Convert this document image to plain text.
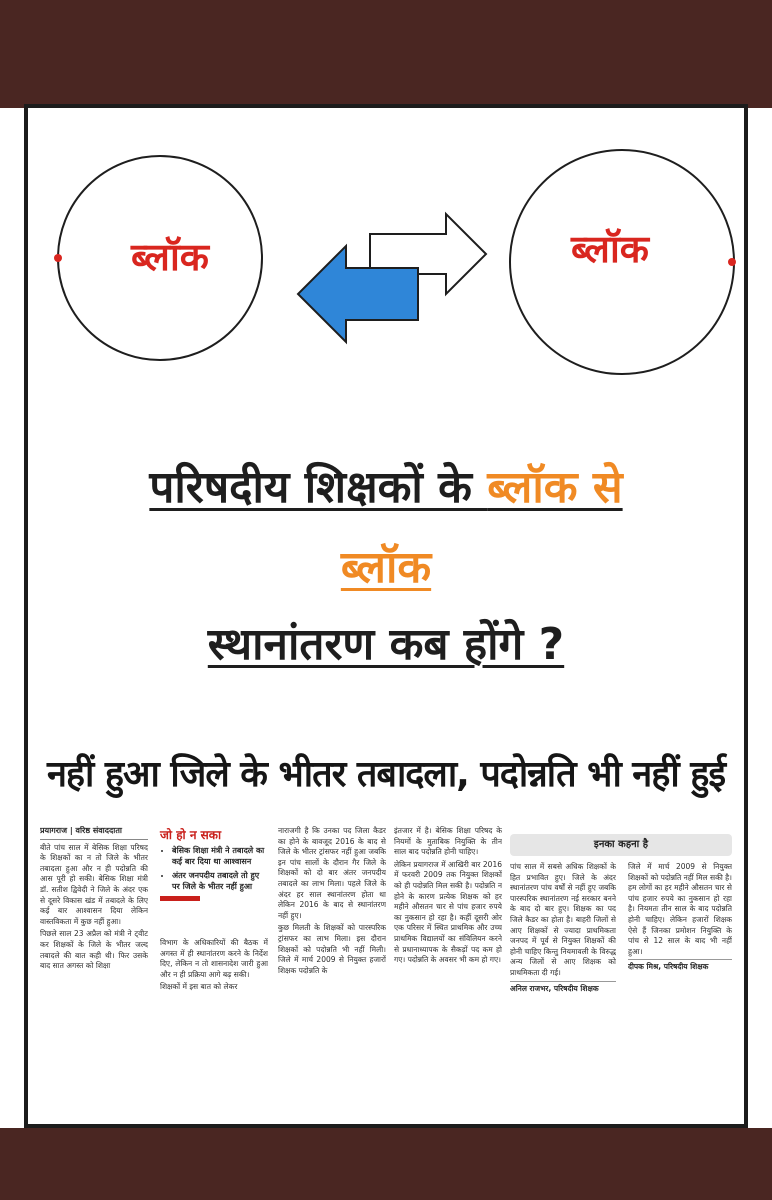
ब्लॉक	ब्लॉक
परिषदीय शिक्षकों के ब्लॉक से
ब्लॉक
स्थानांतरण कब होंगे ?
नहीं हुआ जिले के भीतर तबादला, पदोन्नति भी नहीं हुई
प्रयागराज | वरिष्ठ संवाददाता

बीते पांच साल में बेसिक शिक्षा परिषद के शिक्षकों का न तो जिले के भीतर तबादला हुआ और न ही पदोन्नति की आस पूरी हो सकी। बेसिक शिक्षा मंत्री डॉ. सतीश द्विवेदी ने जिले के अंदर एक से दूसरे विकास खंड में तबादले के लिए कई बार आश्वासन दिया लेकिन वास्तविकता में कुछ नहीं हुआ।

पिछले साल 23 अप्रैल को मंत्री ने ट्वीट कर शिक्षकों के जिले के भीतर जल्द तबादले की बात कही थी। फिर उसके बाद सात अगस्त को शिक्षा

जो हो न सका
• बेसिक शिक्षा मंत्री ने तबादले का कई बार दिया था आश्वासन
• अंतर जनपदीय तबादले तो हुए पर जिले के भीतर नहीं हुआ

विभाग के अधिकारियों की बैठक में अगस्त में ही स्थानांतरण करने के निर्देश दिए, लेकिन न तो शासनादेश जारी हुआ और न ही प्रक्रिया आगे बढ़ सकी।

शिक्षकों में इस बात को लेकर

नाराजगी है कि उनका पद जिला कैडर का होने के बावजूद 2016 के बाद से जिले के भीतर ट्रांसफर नहीं हुआ जबकि इन पांच सालों के दौरान गैर जिले के शिक्षकों को दो बार अंतर जनपदीय तबादले का लाभ मिला। पहले जिले के अंदर हर साल स्थानांतरण होता था लेकिन 2016 के बाद से स्थानांतरण नहीं हुए।

कुछ मिलती के शिक्षकों को पारस्परिक ट्रांसफर का लाभ मिला। इस दौरान शिक्षकों को पदोन्नति भी नहीं मिली। जिले में मार्च 2009 से नियुक्त हजारों शिक्षक पदोन्नति के

इंतजार में है। बेसिक शिक्षा परिषद के नियमों के मुताबिक नियुक्ति के तीन साल बाद पदोन्नति होनी चाहिए।

लेकिन प्रयागराज में आखिरी बार 2016 में फरवरी 2009 तक नियुक्त शिक्षकों को ही पदोन्नति मिल सकी है। पदोन्नति न होने के कारण प्रत्येक शिक्षक को हर महीने औसतन चार से पांच हजार रुपये का नुकसान हो रहा है। कहीं दूसरी ओर एक परिसर में स्थित प्राथमिक और उच्च प्राथमिक विद्यालयों का संविलियन करने से प्रधानाध्यापक के सैकड़ों पद कम हो गए। पदोन्नति के अवसर भी कम हो गए।

इनका कहना है

पांच साल में सबसे अधिक शिक्षकों के हित प्रभावित हुए। जिले के अंदर स्थानांतरण पांच वर्षों से नहीं हुए जबकि पारस्परिक स्थानांतरण नई सरकार बनने के बाद दो बार हुए। शिक्षक का पद जिले कैडर का होता है। बाहरी जिलों से आए शिक्षकों से ज्यादा प्राथमिकता जनपद में पूर्व से नियुक्त शिक्षकों की होनी चाहिए किन्तु नियमावली के विरुद्ध अन्य जिलों से आए शिक्षक को प्राथमिकता दी गई।

अनिल राजभर, परिषदीय शिक्षक

जिले में मार्च 2009 से नियुक्त शिक्षकों को पदोन्नति नहीं मिल सकी है। हम लोगों का हर महीने औसतन चार से पांच हजार रुपये का नुकसान हो रहा है। नियमतः तीन साल के बाद पदोन्नति होनी चाहिए। लेकिन हजारों शिक्षक ऐसे हैं जिनका प्रमोशन नियुक्ति के पांच से 12 साल के बाद भी नहीं हुआ।

दीपक मिश्र, परिषदीय शिक्षक
